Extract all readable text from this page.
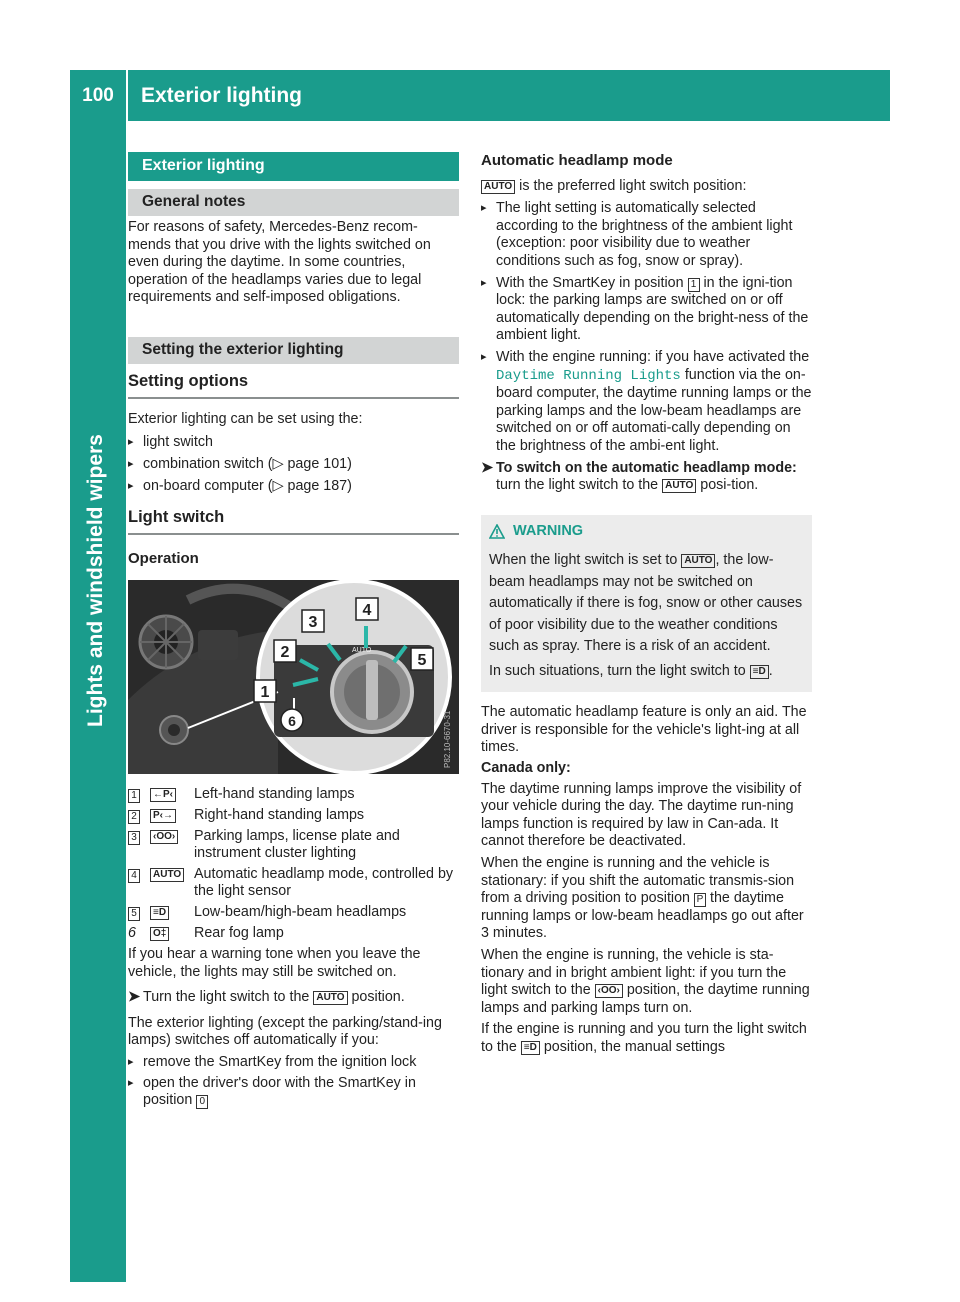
100	Exterior lighting
Lights and windshield wipers
Exterior lighting
General notes

For reasons of safety, Mercedes-Benz recom-mends that you drive with the lights switched on even during the daytime. In some countries, operation of the headlamps varies due to legal requirements and self-imposed obligations.

Setting the exterior lighting
Setting options

Exterior lighting can be set using the:

▸ light switch
▸ combination switch (▷ page 101)
▸ on-board computer (▷ page 187)
Light switch
Operation
AUTO
4
3
2
1
5
6	P82.10-6670-31
1	←P‹	Left-hand standing lamps
2	P‹→	Right-hand standing lamps
3	‹OO›	Parking lamps, license plate and instrument cluster lighting
4	AUTO Automatic headlamp mode, controlled by the light sensor
5	≡D	Low-beam/high-beam headlamps
6	O‡	Rear fog lamp

If you hear a warning tone when you leave the vehicle, the lights may still be switched on.

➤ Turn the light switch to the AUTO position.

The exterior lighting (except the parking/stand-ing lamps) switches off automatically if you:

▸ remove the SmartKey from the ignition lock
▸ open the driver's door with the SmartKey in position 0
Automatic headlamp mode

AUTO is the preferred light switch position:

▸ The light setting is automatically selected according to the brightness of the ambient light (exception: poor visibility due to weather conditions such as fog, snow or spray).
▸ With the SmartKey in position 1 in the igni-tion lock: the parking lamps are switched on or off automatically depending on the bright-ness of the ambient light.
▸ With the engine running: if you have activated the Daytime Running Lights function via the on-board computer, the daytime running lamps or the parking lamps and the low-beam headlamps are switched on or off automati-cally depending on the brightness of the ambi-ent light.
➤ To switch on the automatic headlamp mode: turn the light switch to the AUTO posi-tion.
WARNING

When the light switch is set to AUTO , the low-beam headlamps may not be switched on automatically if there is fog, snow or other causes of poor visibility due to the weather conditions such as spray. There is a risk of an accident.

In such situations, turn the light switch to ≡D .

The automatic headlamp feature is only an aid. The driver is responsible for the vehicle's light-ing at all times.

Canada only:

The daytime running lamps improve the visibility of your vehicle during the day. The daytime run-ning lamps function is required by law in Can-ada. It cannot therefore be deactivated.

When the engine is running and the vehicle is stationary: if you shift the automatic transmis-sion from a driving position to position P the daytime running lamps or low-beam headlamps go out after 3 minutes.

When the engine is running, the vehicle is sta-tionary and in bright ambient light: if you turn the light switch to the ‹OO› position, the daytime running lamps and parking lamps turn on.

If the engine is running and you turn the light switch to the ≡D position, the manual settings
